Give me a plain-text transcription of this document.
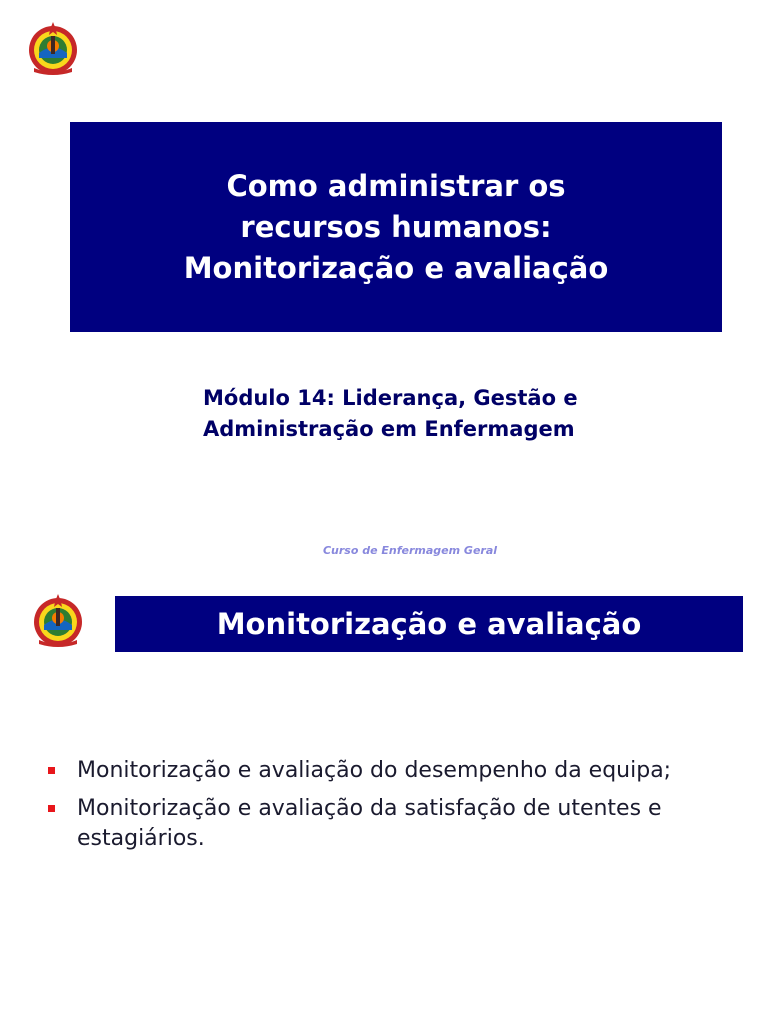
Como administrar os
recursos humanos:
Monitorização e avaliação
Módulo 14: Liderança, Gestão e
Administração em Enfermagem
Curso de Enfermagem Geral
Monitorização e avaliação
Monitorização e avaliação do desempenho da equipa;
Monitorização e avaliação da satisfação de utentes e estagiários.
